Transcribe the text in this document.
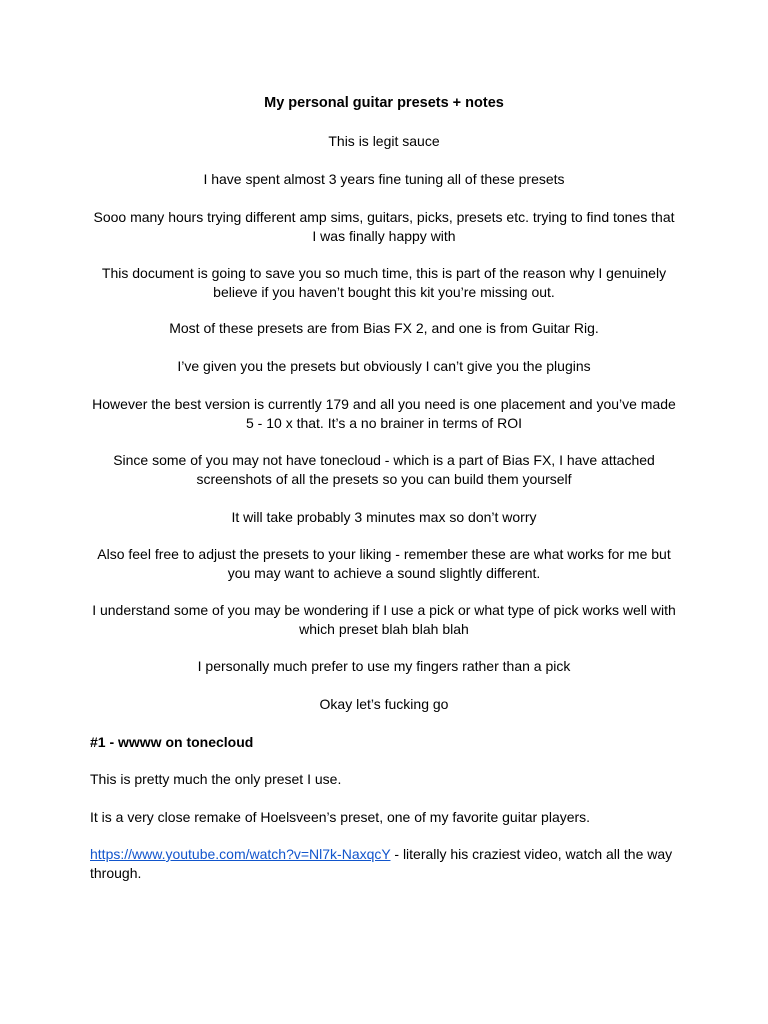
My personal guitar presets + notes

This is legit sauce

I have spent almost 3 years fine tuning all of these presets

Sooo many hours trying different amp sims, guitars, picks, presets etc. trying to find tones that I was finally happy with

This document is going to save you so much time, this is part of the reason why I genuinely believe if you haven’t bought this kit you’re missing out.

Most of these presets are from Bias FX 2, and one is from Guitar Rig.

I’ve given you the presets but obviously I can’t give you the plugins

However the best version is currently 179 and all you need is one placement and you’ve made 5 - 10 x that. It’s a no brainer in terms of ROI

Since some of you may not have tonecloud - which is a part of Bias FX, I have attached screenshots of all the presets so you can build them yourself

It will take probably 3 minutes max so don’t worry

Also feel free to adjust the presets to your liking - remember these are what works for me but you may want to achieve a sound slightly different.

I understand some of you may be wondering if I use a pick or what type of pick works well with which preset blah blah blah

I personally much prefer to use my fingers rather than a pick

Okay let’s fucking go

#1 - wwww on tonecloud

This is pretty much the only preset I use.

It is a very close remake of Hoelsveen’s preset, one of my favorite guitar players.

https://www.youtube.com/watch?v=Nl7k-NaxqcY - literally his craziest video, watch all the way through.
